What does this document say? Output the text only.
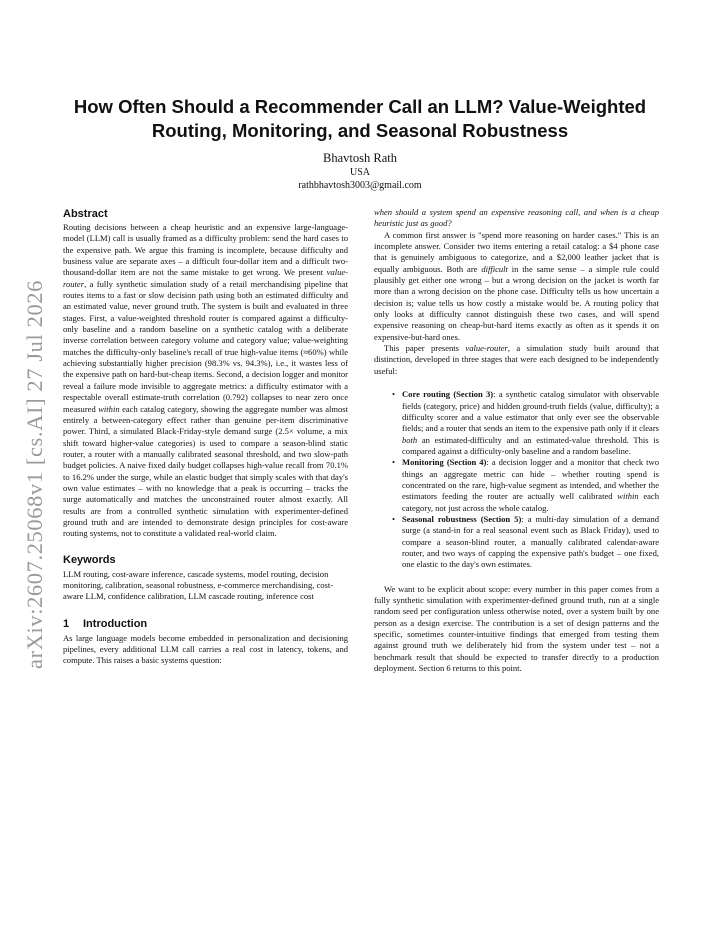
arXiv:2607.25068v1 [cs.AI] 27 Jul 2026
How Often Should a Recommender Call an LLM? Value-Weighted
Routing, Monitoring, and Seasonal Robustness
Bhavtosh Rath
USA
rathbhavtosh3003@gmail.com
Abstract

Routing decisions between a cheap heuristic and an expensive large-language-model (LLM) call is usually framed as a difficulty problem: send the hard cases to the expensive path. We argue this framing is incomplete, because difficulty and business value are separate axes – a difficult four-dollar item and a difficult two-thousand-dollar item are not the same mistake to get wrong. We present value-router, a fully synthetic simulation study of a retail merchandising pipeline that routes items to a fast or slow decision path using both an estimated difficulty and an estimated value, never ground truth. The system is built and evaluated in three stages. First, a value-weighted threshold router is compared against a difficulty-only baseline and a random baseline on a synthetic catalog with a deliberate inverse correlation between category volume and category value; value-weighting matches the difficulty-only baseline's recall of true high-value items (≈60%) while achieving substantially higher precision (98.3% vs. 94.3%), i.e., it wastes less of the expensive path on hard-but-cheap items. Second, a decision logger and monitor reveal a failure mode invisible to aggregate metrics: a difficulty estimator with a respectable overall estimate-truth correlation (0.792) collapses to near zero once measured within each catalog category, showing the aggregate number was almost entirely a between-category effect rather than genuine per-item discriminative power. Third, a simulated Black-Friday-style demand surge (2.5× volume, a mix shift toward higher-value categories) is used to compare a season-blind static router, a router with a manually calibrated seasonal threshold, and two slow-path budget policies. A naive fixed daily budget collapses high-value recall from 70.1% to 16.2% under the surge, while an elastic budget that simply scales with that day's own value estimates – with no knowledge that a peak is occurring – tracks the surge automatically and matches the unconstrained router almost exactly. All results are from a controlled synthetic simulation with experimenter-defined ground truth and are intended to demonstrate design principles for cost-aware routing systems, not to constitute a validated real-world claim.

Keywords

LLM routing, cost-aware inference, cascade systems, model routing, decision monitoring, calibration, seasonal robustness, e-commerce merchandising, cost-aware LLM, confidence calibration, LLM cascade routing, inference cost

1 Introduction

As large language models become embedded in personalization and decisioning pipelines, every additional LLM call carries a real cost in latency, tokens, and compute. This raises a basic systems question:

when should a system spend an expensive reasoning call, and when is a cheap heuristic just as good?

A common first answer is "spend more reasoning on harder cases." This is an incomplete answer. Consider two items entering a retail catalog: a $4 phone case that is genuinely ambiguous to categorize, and a $2,000 leather jacket that is equally ambiguous. Both are difficult in the same sense – a simple rule could plausibly get either one wrong – but a wrong decision on the jacket is worth far more than a wrong decision on the phone case. Difficulty tells us how uncertain a decision is; value tells us how costly a mistake would be. A routing policy that only looks at difficulty cannot distinguish these two cases, and will spend expensive reasoning on cheap-but-hard items exactly as often as it spends it on expensive-but-hard ones.

This paper presents value-router, a simulation study built around that distinction, developed in three stages that were each designed to be independently useful:

• Core routing (Section 3): a synthetic catalog simulator with observable fields (category, price) and hidden ground-truth fields (value, difficulty); a difficulty scorer and a value estimator that only ever see the observable fields; and a router that sends an item to the expensive path only if it clears both an estimated-difficulty and an estimated-value threshold. This is compared against a difficulty-only baseline and a random baseline.
• Monitoring (Section 4): a decision logger and a monitor that check two things an aggregate metric can hide – whether routing spend is concentrated on the rare, high-value segment as intended, and whether the estimators feeding the router are actually well calibrated within each category, not just across the whole catalog.
• Seasonal robustness (Section 5): a multi-day simulation of a demand surge (a stand-in for a real seasonal event such as Black Friday), used to compare a season-blind router, a manually calibrated calendar-aware router, and two ways of capping the expensive path's budget – one fixed, one elastic to the day's own estimates.

We want to be explicit about scope: every number in this paper comes from a fully synthetic simulation with experimenter-defined ground truth, run at a single random seed per configuration unless otherwise noted, over a system built by one person as a design exercise. The contribution is a set of design patterns and the specific, sometimes counter-intuitive findings that emerged from testing them against ground truth we deliberately hid from the system under test – not a benchmark result that should be expected to transfer directly to a production deployment. Section 6 returns to this point.
